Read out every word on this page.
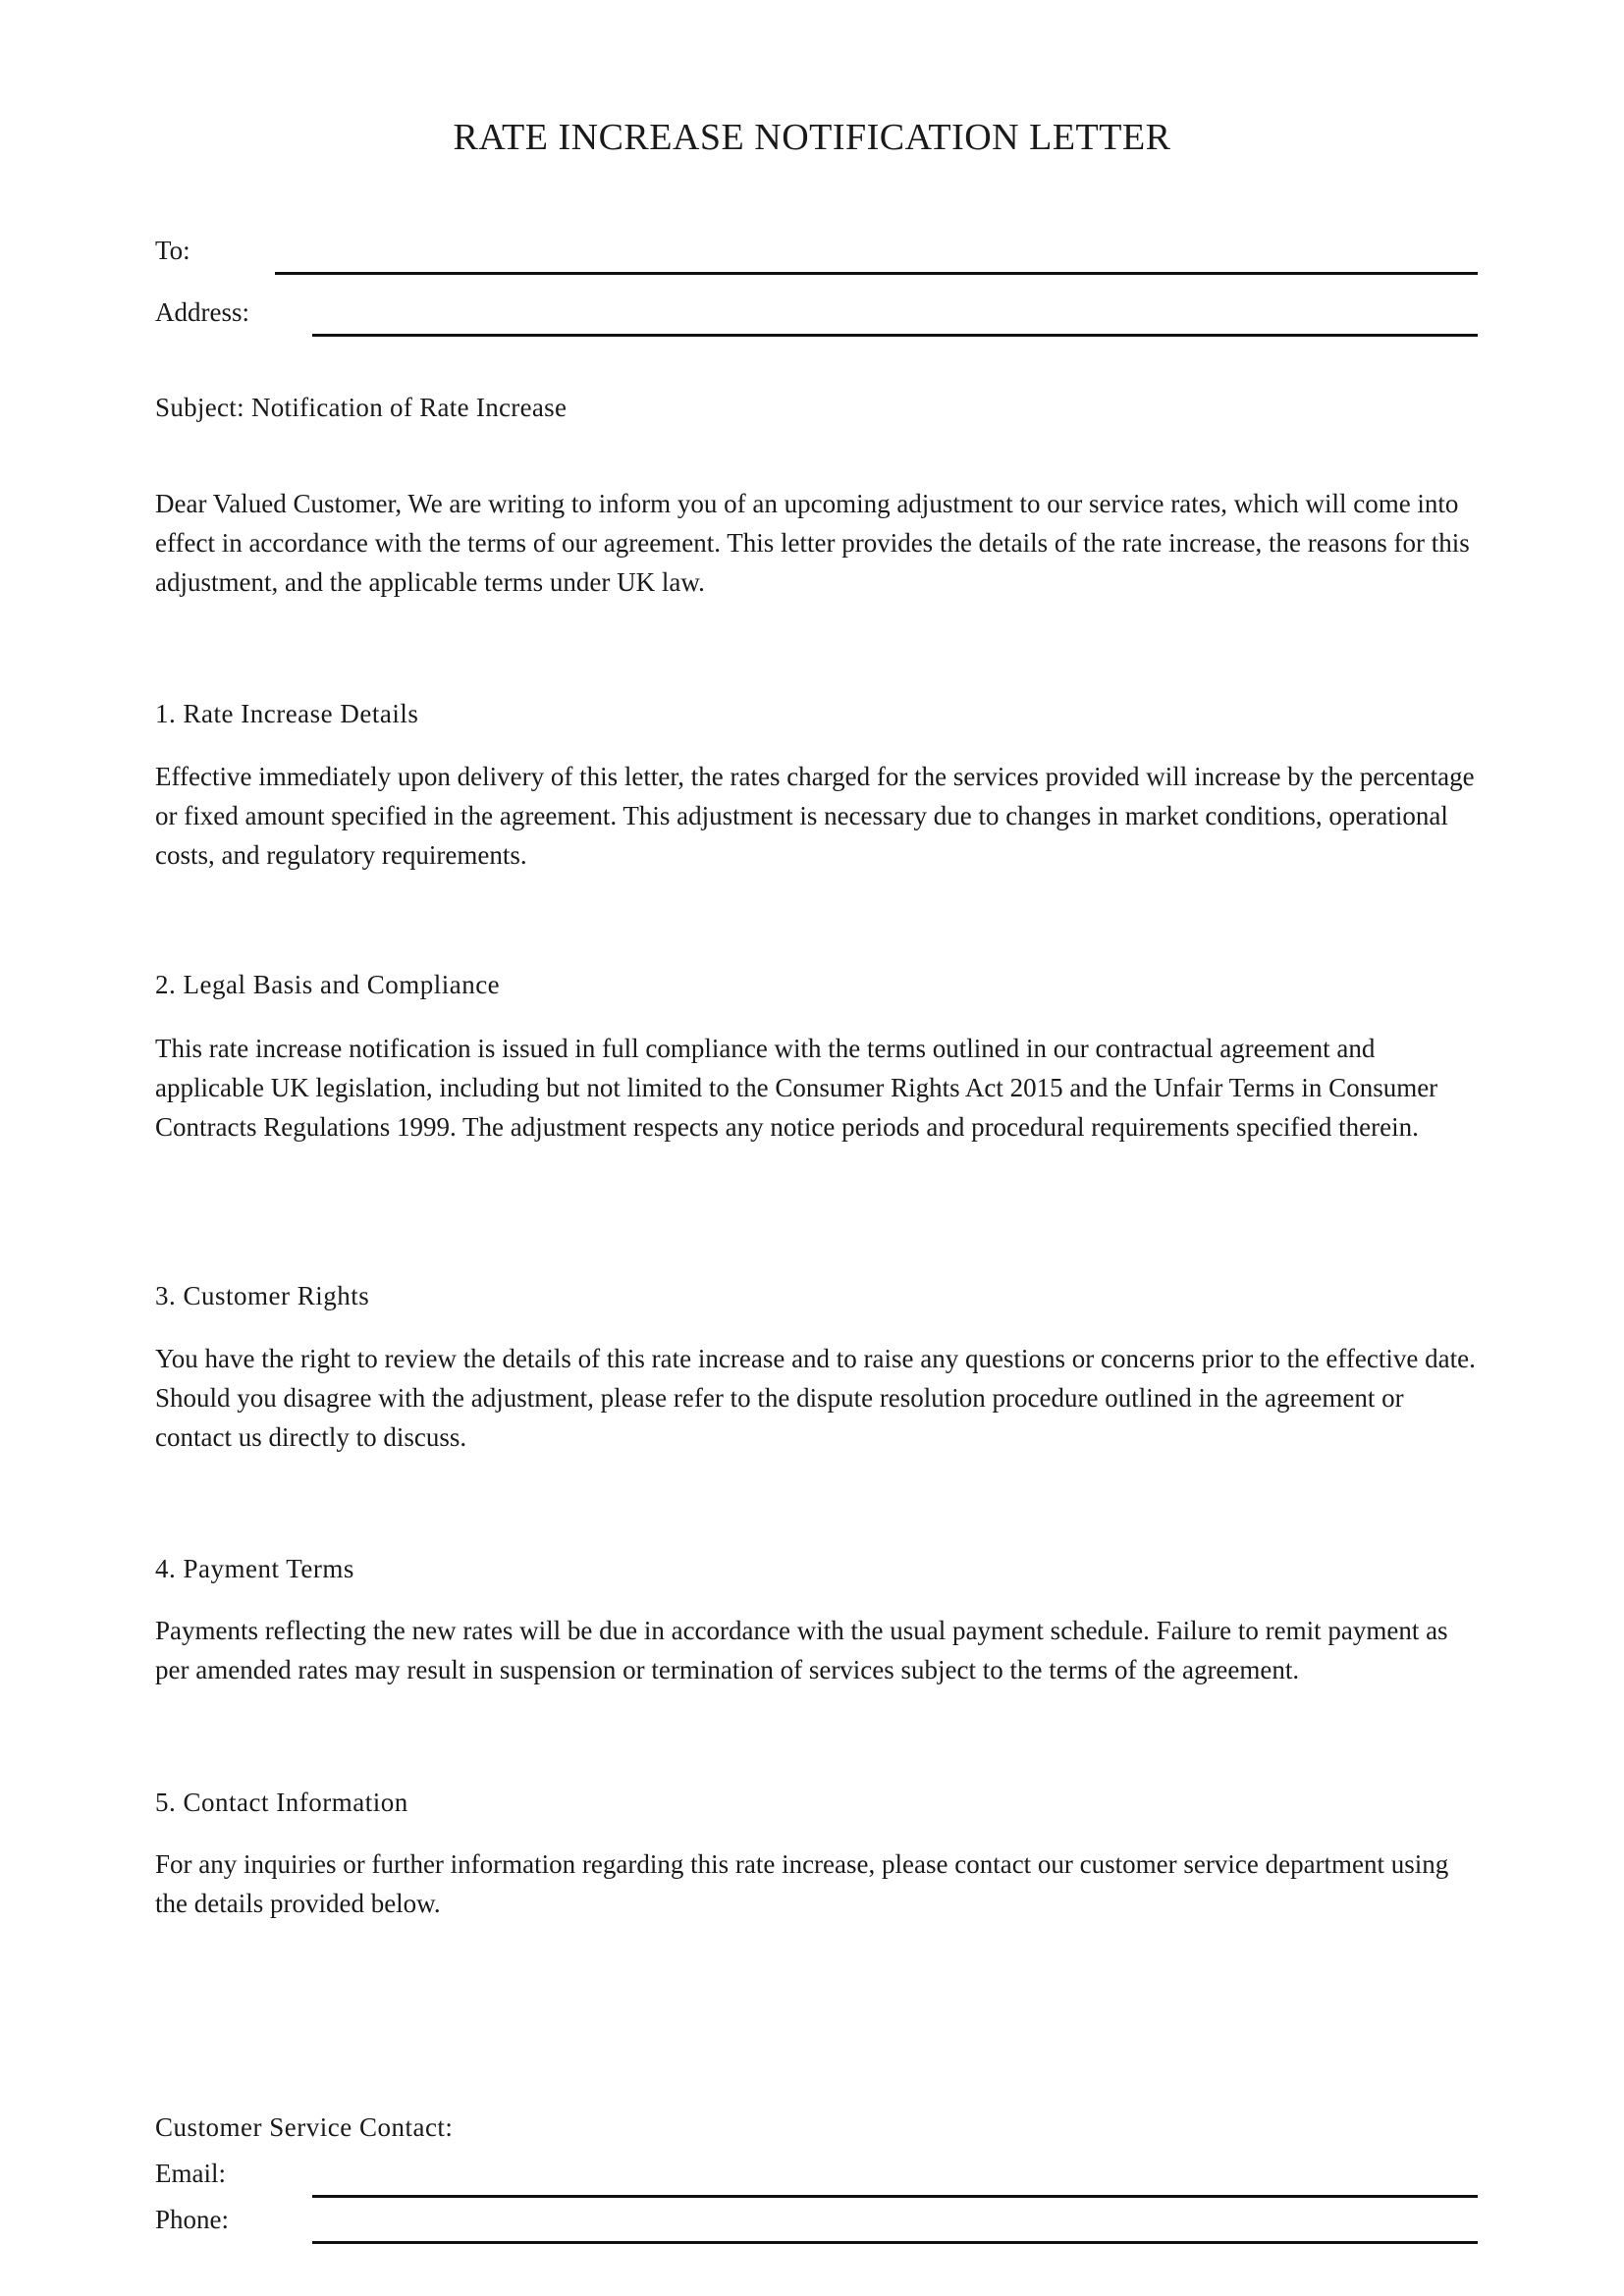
RATE INCREASE NOTIFICATION LETTER
To:
Address:
Subject: Notification of Rate Increase

Dear Valued Customer, We are writing to inform you of an upcoming adjustment to our service rates, which will come into effect in accordance with the terms of our agreement. This letter provides the details of the rate increase, the reasons for this adjustment, and the applicable terms under UK law.

1. Rate Increase Details

Effective immediately upon delivery of this letter, the rates charged for the services provided will increase by the percentage or fixed amount specified in the agreement. This adjustment is necessary due to changes in market conditions, operational costs, and regulatory requirements.

2. Legal Basis and Compliance

This rate increase notification is issued in full compliance with the terms outlined in our contractual agreement and applicable UK legislation, including but not limited to the Consumer Rights Act 2015 and the Unfair Terms in Consumer Contracts Regulations 1999. The adjustment respects any notice periods and procedural requirements specified therein.

3. Customer Rights

You have the right to review the details of this rate increase and to raise any questions or concerns prior to the effective date. Should you disagree with the adjustment, please refer to the dispute resolution procedure outlined in the agreement or contact us directly to discuss.

4. Payment Terms

Payments reflecting the new rates will be due in accordance with the usual payment schedule. Failure to remit payment as per amended rates may result in suspension or termination of services subject to the terms of the agreement.

5. Contact Information

For any inquiries or further information regarding this rate increase, please contact our customer service department using the details provided below.

Customer Service Contact:
Email:
Phone:
